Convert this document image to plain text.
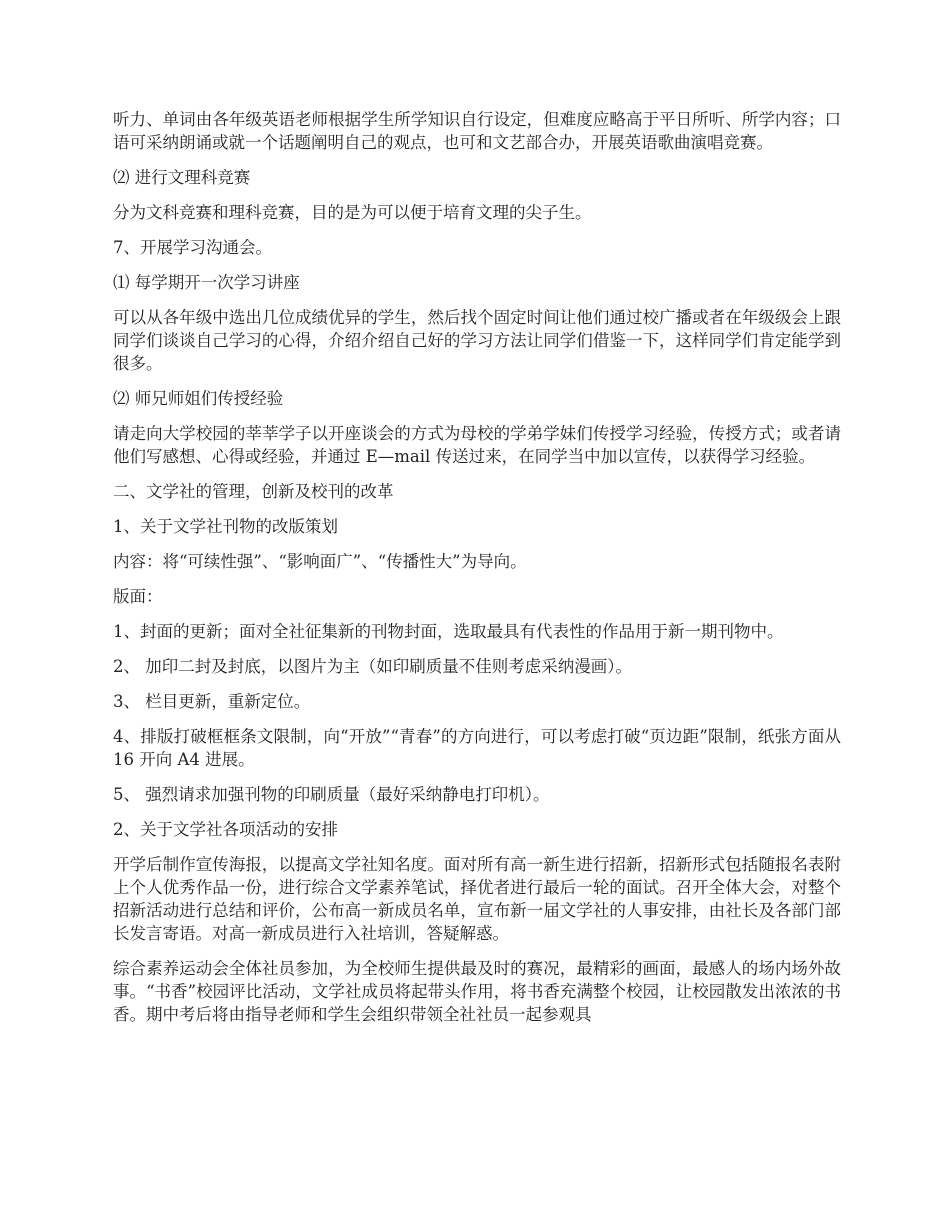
听力、单词由各年级英语老师根据学生所学知识自行设定，但难度应略高于平日所听、所学内容；口语可采纳朗诵或就一个话题阐明自己的观点，也可和文艺部合办，开展英语歌曲演唱竞赛。

⑵ 进行文理科竞赛

分为文科竞赛和理科竞赛，目的是为可以便于培育文理的尖子生。

7、开展学习沟通会。

⑴ 每学期开一次学习讲座

可以从各年级中选出几位成绩优异的学生，然后找个固定时间让他们通过校广播或者在年级级会上跟同学们谈谈自己学习的心得，介绍介绍自己好的学习方法让同学们借鉴一下，这样同学们肯定能学到很多。

⑵ 师兄师姐们传授经验

请走向大学校园的莘莘学子以开座谈会的方式为母校的学弟学妹们传授学习经验，传授方式；或者请他们写感想、心得或经验，并通过 E—mail 传送过来，在同学当中加以宣传，以获得学习经验。

二、文学社的管理，创新及校刊的改革

1、关于文学社刊物的改版策划

内容：将“可续性强”、“影响面广”、“传播性大”为导向。

版面：

1、封面的更新；面对全社征集新的刊物封面，选取最具有代表性的作品用于新一期刊物中。

2、 加印二封及封底，以图片为主（如印刷质量不佳则考虑采纳漫画）。

3、 栏目更新，重新定位。

4、排版打破框框条文限制，向“开放”“青春”的方向进行，可以考虑打破“页边距”限制，纸张方面从 16 开向 A4 进展。

5、 强烈请求加强刊物的印刷质量（最好采纳静电打印机）。

2、关于文学社各项活动的安排

开学后制作宣传海报，以提高文学社知名度。面对所有高一新生进行招新，招新形式包括随报名表附上个人优秀作品一份，进行综合文学素养笔试，择优者进行最后一轮的面试。召开全体大会，对整个招新活动进行总结和评价，公布高一新成员名单，宣布新一届文学社的人事安排，由社长及各部门部长发言寄语。对高一新成员进行入社培训，答疑解惑。

综合素养运动会全体社员参加，为全校师生提供最及时的赛况，最精彩的画面，最感人的场内场外故事。“书香”校园评比活动，文学社成员将起带头作用，将书香充满整个校园，让校园散发出浓浓的书香。期中考后将由指导老师和学生会组织带领全社社员一起参观具
